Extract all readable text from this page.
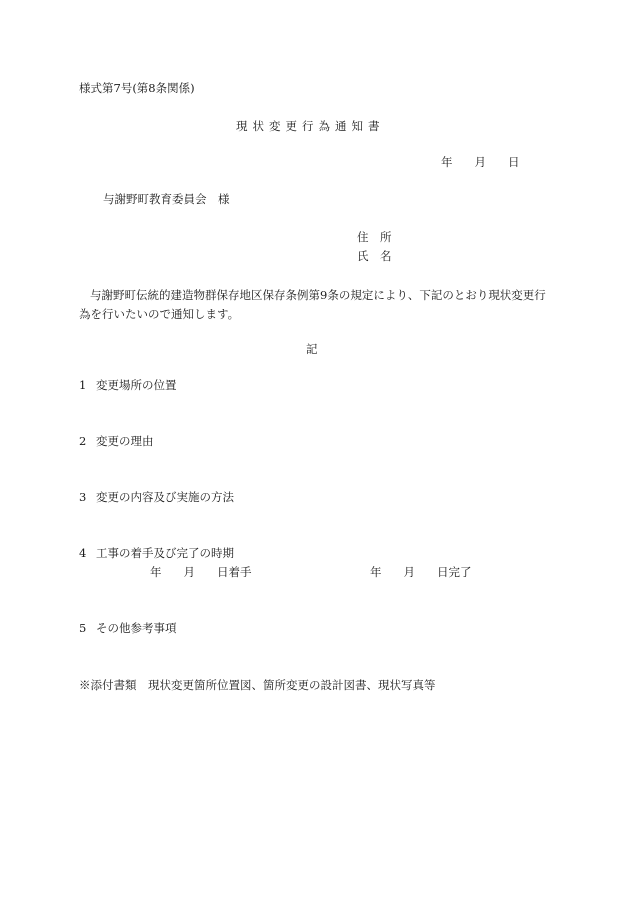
様式第7号(第8条関係)
現状変更行為通知書
年 月 日
与謝野町教育委員会　様
住　所
氏　名
与謝野町伝統的建造物群保存地区保存条例第9条の規定により、下記のとおり現状変更行為を行いたいので通知します。
記
1 変更場所の位置
2 変更の理由
3 変更の内容及び実施の方法
4 工事の着手及び完了の時期
年 月 日着手	年 月 日完了
5 その他参考事項
※添付書類　現状変更箇所位置図、箇所変更の設計図書、現状写真等
